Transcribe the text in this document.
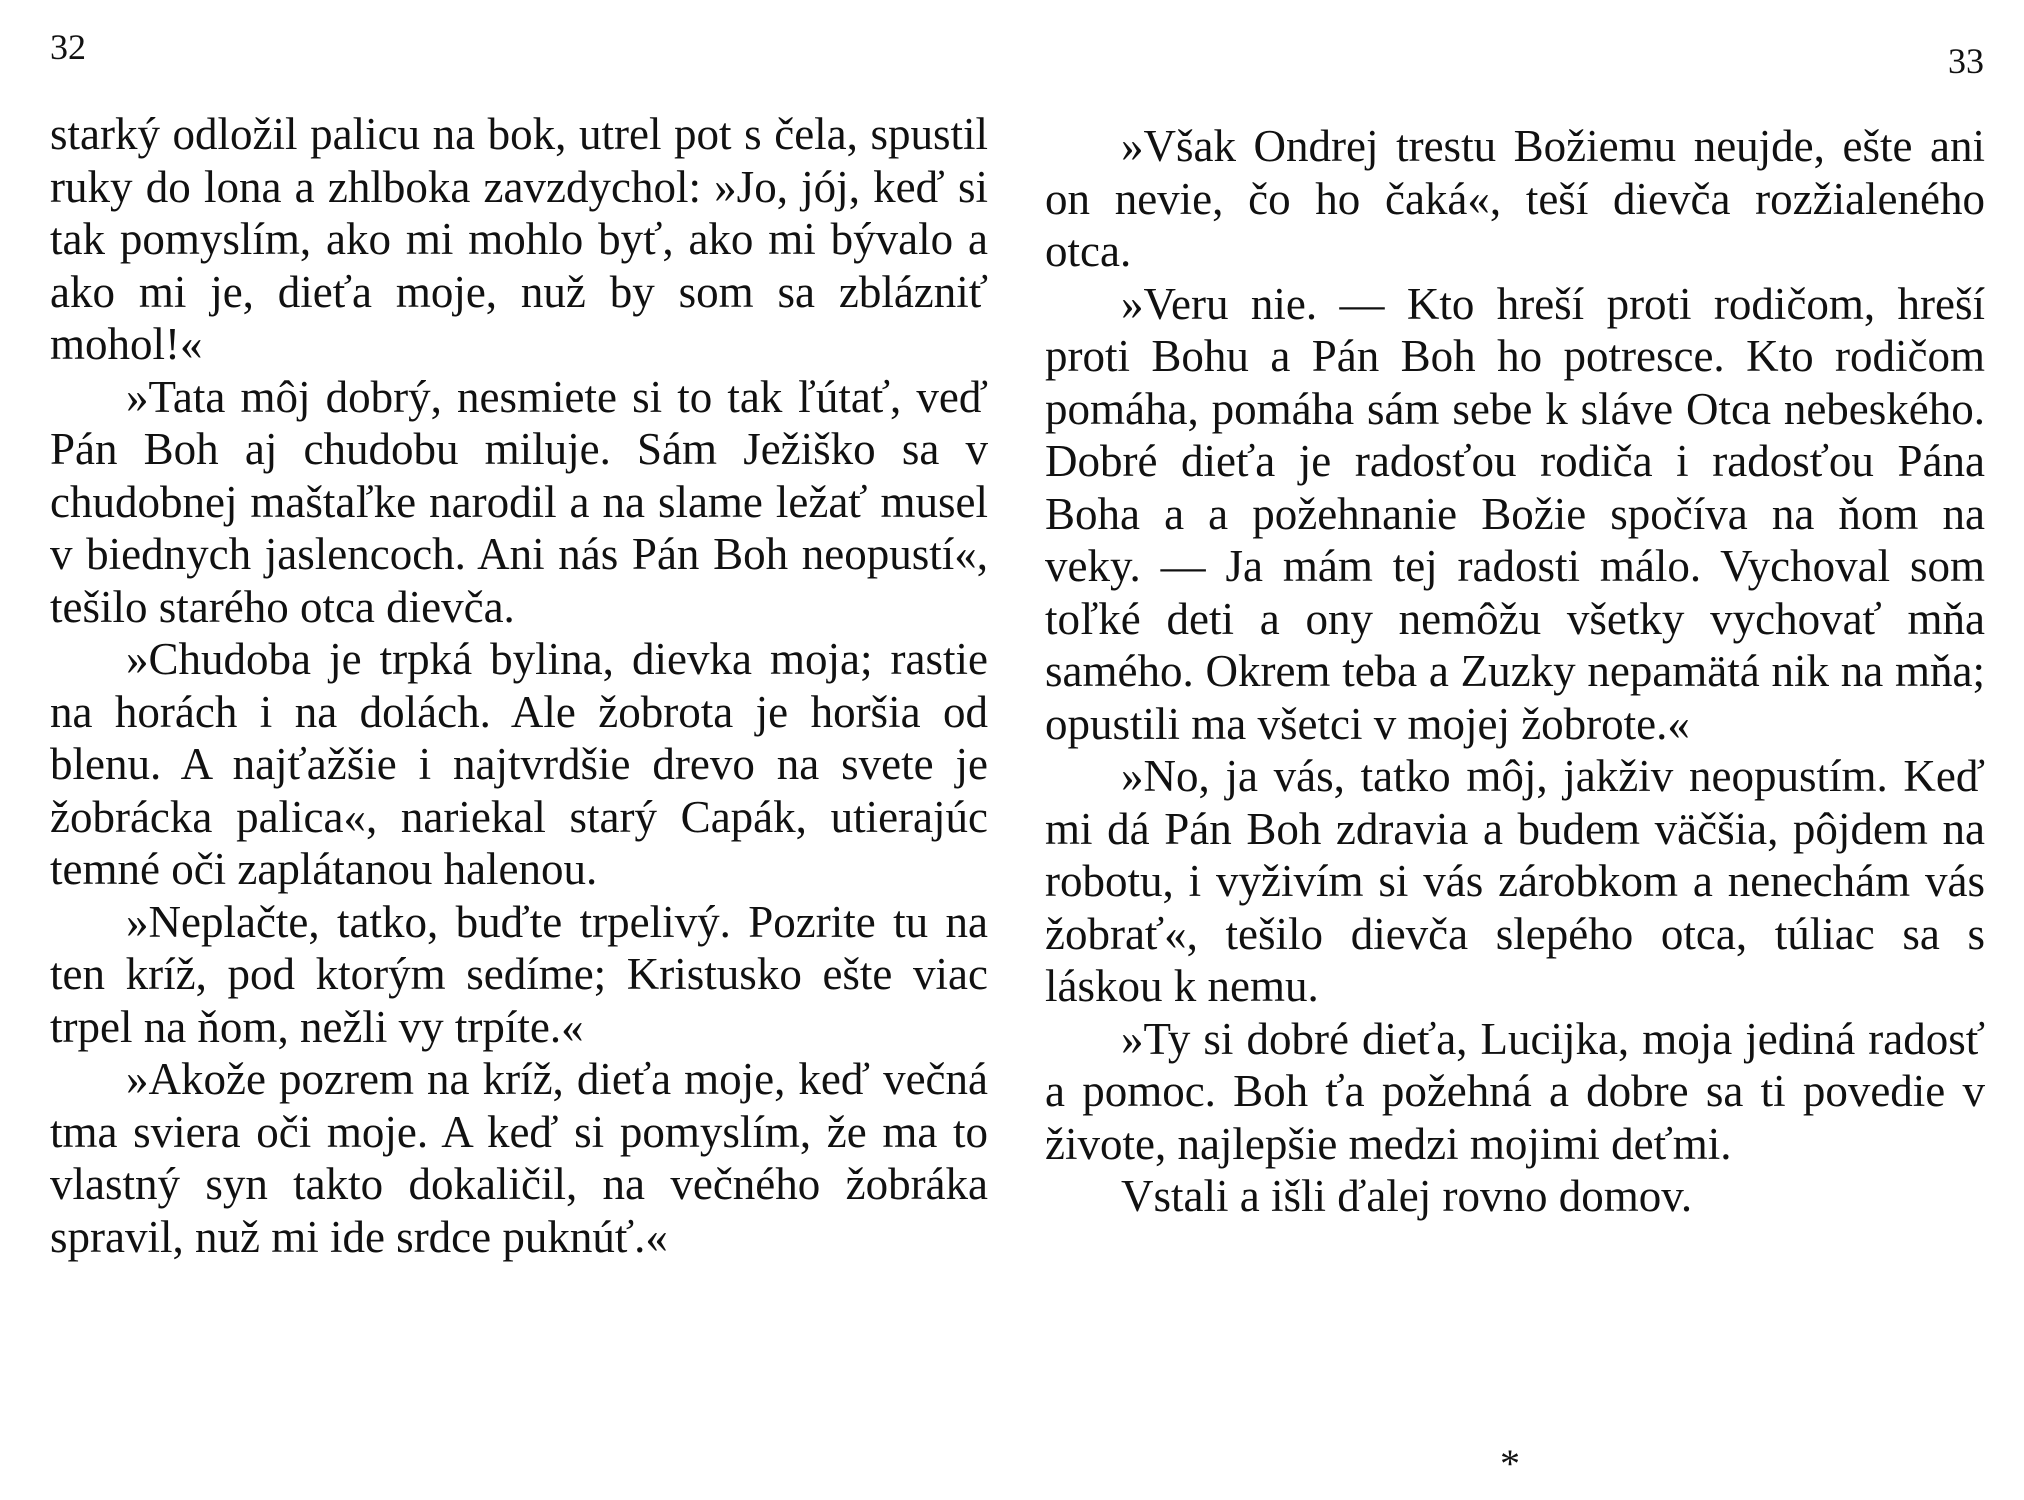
32	33

starký odložil palicu na bok, utrel pot s čela, spustil ruky do lona a zhlboka zavzdychol: »Jo, jój, keď si tak pomyslím, ako mi mohlo byť, ako mi bývalo a ako mi je, dieťa moje, nuž by som sa zblázniť mohol!«

»Tata môj dobrý, nesmiete si to tak ľútať, veď Pán Boh aj chudobu miluje. Sám Ježiško sa v chudobnej maštaľke narodil a na slame ležať musel v biednych jaslencoch. Ani nás Pán Boh neopustí«, tešilo starého otca dievča.

»Chudoba je trpká bylina, dievka moja; rastie na horách i na dolách. Ale žobrota je horšia od blenu. A najťažšie i najtvrdšie drevo na svete je žobrácka palica«, nariekal starý Capák, utierajúc temné oči zaplátanou halenou.

»Neplačte, tatko, buďte trpelivý. Pozrite tu na ten kríž, pod ktorým sedíme; Kristusko ešte viac trpel na ňom, nežli vy trpíte.«

»Akože pozrem na kríž, dieťa moje, keď večná tma sviera oči moje. A keď si pomyslím, že ma to vlastný syn takto dokaličil, na večného žobráka spravil, nuž mi ide srdce puknúť.«

»Však Ondrej trestu Božiemu neujde, ešte ani on nevie, čo ho čaká«, teší dievča rozžialeného otca.

»Veru nie. — Kto hreší proti rodičom, hreší proti Bohu a Pán Boh ho potresce. Kto rodičom pomáha, pomáha sám sebe k sláve Otca nebeského. Dobré dieťa je radosťou rodiča i radosťou Pána Boha a a požehnanie Božie spočíva na ňom na veky. — Ja mám tej radosti málo. Vychoval som toľké deti a ony nemôžu všetky vychovať mňa samého. Okrem teba a Zuzky nepamätá nik na mňa; opustili ma všetci v mojej žobrote.«

»No, ja vás, tatko môj, jakživ neopustím. Keď mi dá Pán Boh zdravia a budem väčšia, pôjdem na robotu, i vyživím si vás zárobkom a nenechám vás žobrať«, tešilo dievča slepého otca, túliac sa s láskou k nemu.

»Ty si dobré dieťa, Lucijka, moja jediná radosť a pomoc. Boh ťa požehná a dobre sa ti povedie v živote, najlepšie medzi mojimi deťmi.

Vstali a išli ďalej rovno domov.

*
